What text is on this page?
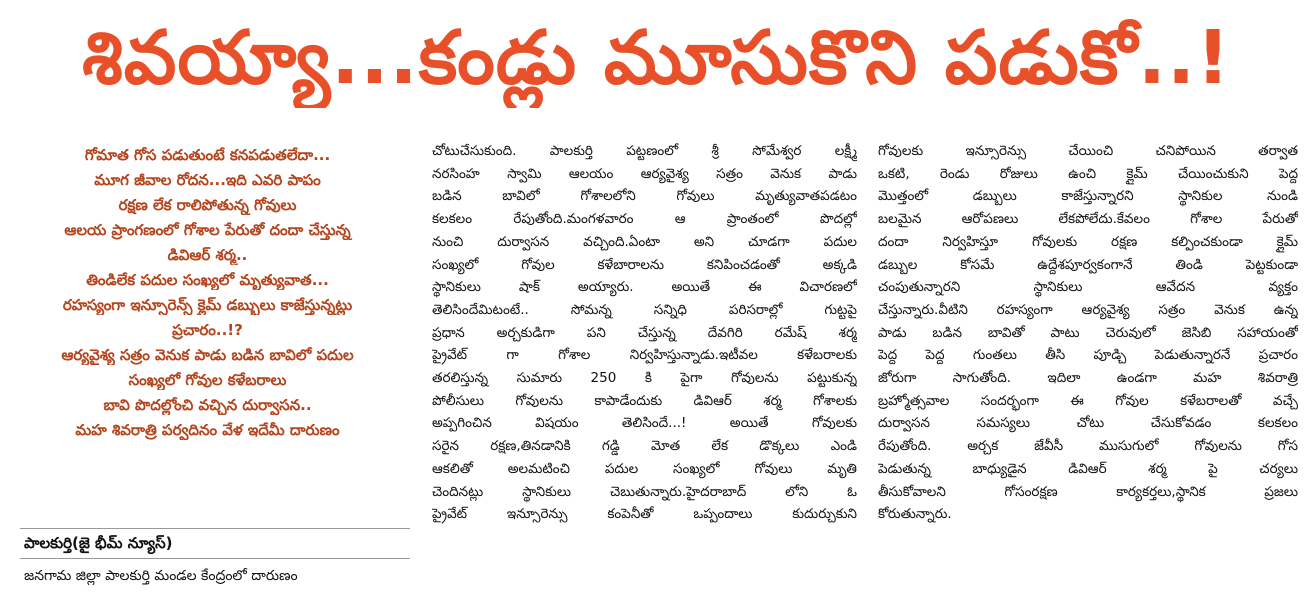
శివయ్యా...కండ్లు మూసుకొని పడుకో..!
గోమాత గోస పడుతుంటే కనపడుతలేదా...
మూగ జీవాల రోదన...ఇది ఎవరి పాపం
రక్షణ లేక రాలిపోతున్న గోవులు
ఆలయ ప్రాంగణంలో గోశాల పేరుతో దందా చేస్తున్న
డివిఆర్ శర్మ..
తిండిలేక పదుల సంఖ్యలో మృత్యువాత...
రహస్యంగా ఇన్సూరెన్స్ క్లైమ్ డబ్బులు కాజేస్తున్నట్లు
ప్రచారం..!?
ఆర్యవైశ్య సత్రం వెనుక పాడు బడిన బావిలో పదుల
సంఖ్యలో గోవుల కళేబరాలు
బావి పొదల్లోంచి వచ్చిన దుర్వాసన..
మహ శివరాత్రి పర్వదినం వేళ ఇదేమీ దారుణం
పాలకుర్తి(జై భీమ్ న్యూస్)
జనగామ జిల్లా పాలకుర్తి మండల కేంద్రంలో దారుణం
చోటుచేసుకుంది. పాలకుర్తి పట్టణంలో శ్రీ సోమేశ్వర లక్ష్మీ
నరసింహ స్వామి ఆలయం ఆర్యవైశ్య సత్రం వెనుక పాడు
బడిన బావిలో గోశాలలోని గోవులు మృత్యువాతపడటం
కలకలం రేపుతోంది.మంగళవారం ఆ ప్రాంతంలో పొదల్లో
నుంచి దుర్వాసన వచ్చింది.ఏంటా అని చూడగా పదుల
సంఖ్యలో గోవుల కళేబారాలను కనిపించడంతో అక్కడి
స్థానికులు షాక్ అయ్యారు. అయితే ఈ విచారణలో
తెలిసిందేమిటంటే.. సోమన్న సన్నిధి పరిసరాల్లో గుట్టపై
ప్రధాన అర్చకుడిగా పని చేస్తున్న దేవగిరి రమేష్ శర్మ
ప్రైవేట్ గా గోశాల నిర్వహిస్తున్నాడు.ఇటీవల కళేబరాలకు
తరలిస్తున్న సుమారు 250 కి పైగా గోవులను పట్టుకున్న
పోలీసులు గోవులను కాపాడేందుకు డివిఆర్ శర్మ గోశాలకు
అప్పగించిన విషయం తెలిసిందే...! అయితే గోవులకు
సరైన రక్షణ,తినడానికి గడ్డి మోత లేక డొక్కలు ఎండి
ఆకలితో అలమటించి పదుల సంఖ్యలో గోవులు మృతి
చెందినట్లు స్థానికులు చెబుతున్నారు.హైదరాబాద్ లోని ఓ
ప్రైవేట్ ఇన్సూరెన్సు కంపెనీతో ఒప్పందాలు కుదుర్చుకుని
గోవులకు ఇన్సూరెన్సు చేయించి చనిపోయిన తర్వాత
ఒకటి, రెండు రోజులు ఉంచి క్లైమ్ చేయించుకుని పెద్ద
మొత్తంలో డబ్బులు కాజేస్తున్నారని స్థానికుల నుండి
బలమైన ఆరోపణలు లేకపోలేదు.కేవలం గోశాల పేరుతో
దందా నిర్వహిస్తూ గోవులకు రక్షణ కల్పించకుండా క్లైమ్
డబ్బుల కోసమే ఉద్దేశపూర్వకంగానే తిండి పెట్టకుండా
చంపుతున్నారని స్థానికులు ఆవేదన వ్యక్తం
చేస్తున్నారు.వీటిని రహస్యంగా ఆర్యవైశ్య సత్రం వెనుక ఉన్న
పాడు బడిన బావితో పాటు చెరువులో జెసిబి సహాయంతో
పెద్ద పెద్ద గుంతలు తీసి పూడ్చి పెడుతున్నారనే ప్రచారం
జోరుగా సాగుతోంది. ఇదిలా ఉండగా మహ శివరాత్రి
బ్రహ్మోత్సవాల సందర్భంగా ఈ గోవుల కళేబరాలతో వచ్చే
దుర్వాసన సమస్యలు చోటు చేసుకోవడం కలకలం
రేపుతోంది. అర్చక జేవీసీ ముసుగులో గోవులను గోస
పెడుతున్న బాధ్యుడైన డివిఆర్ శర్మ పై చర్యలు
తీసుకోవాలని గోసంరక్షణ కార్యకర్తలు,స్థానిక ప్రజలు
కోరుతున్నారు.
